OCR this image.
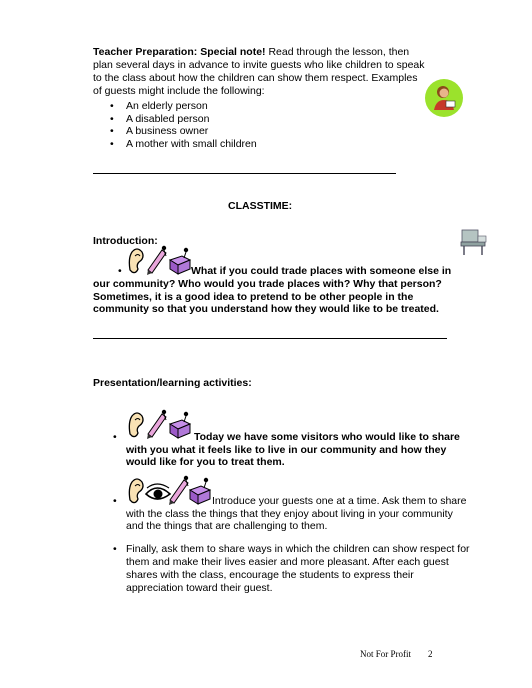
Teacher Preparation: Special note! Read through the lesson, then
plan several days in advance to invite guests who like children to speak
to the class about how the children can show them respect. Examples
of guests might include the following:
• An elderly person
• A disabled person
• A business owner
• A mother with small children
CLASSTIME:
Introduction:
•	What if you could trade places with someone else in
our community? Who would you trade places with? Why that person?
Sometimes, it is a good idea to pretend to be other people in the
community so that you understand how they would like to be treated.
Presentation/learning activities:
•	Today we have some visitors who would like to share
with you what it feels like to live in our community and how they
would like for you to treat them.
•	Introduce your guests one at a time. Ask them to share
with the class the things that they enjoy about living in your community
and the things that are challenging to them.
• Finally, ask them to share ways in which the children can show respect for
them and make their lives easier and more pleasant. After each guest
shares with the class, encourage the students to express their
appreciation toward their guest.
Not For Profit 2
